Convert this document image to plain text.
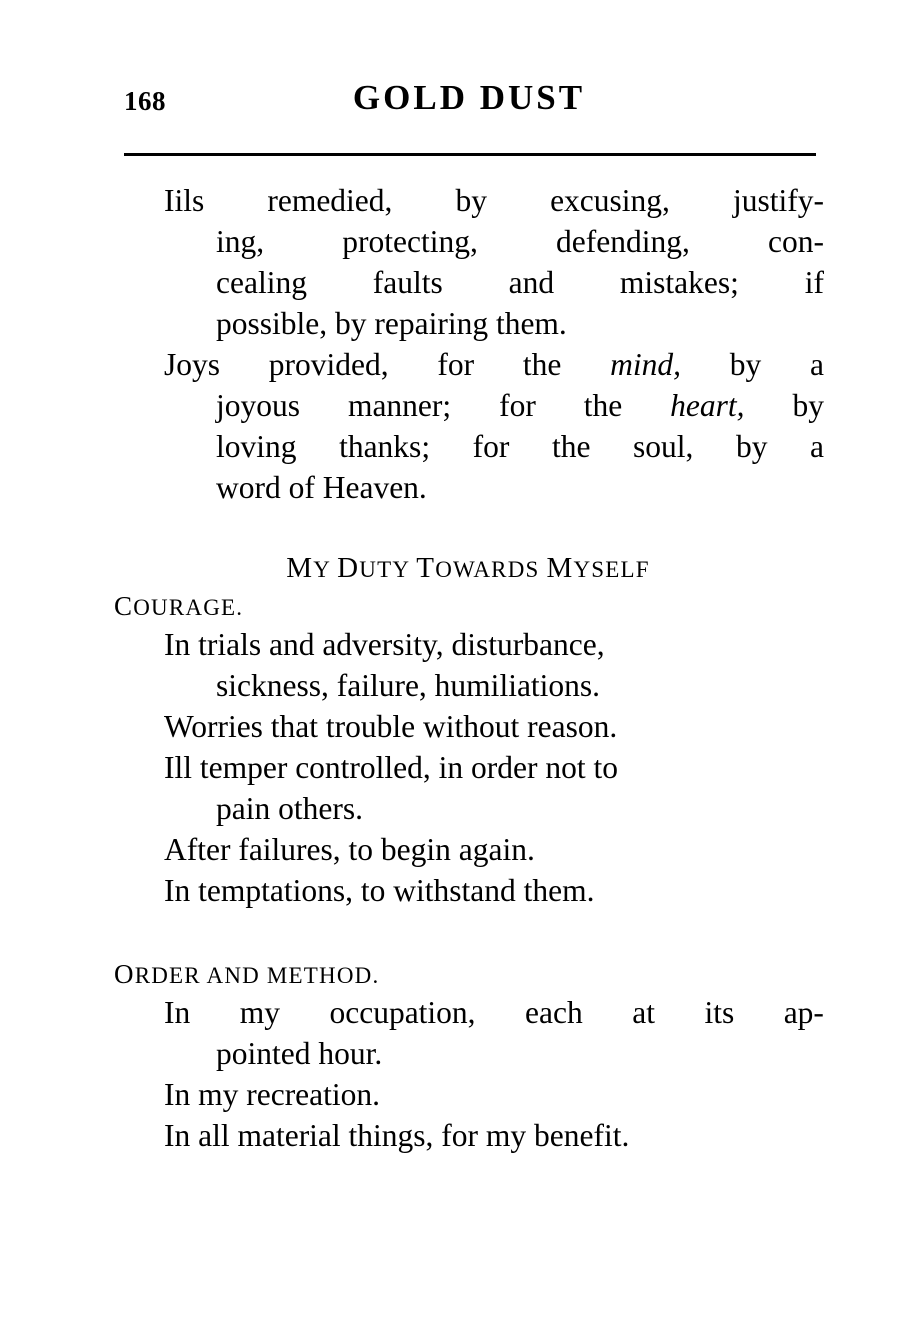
168	GOLD DUST
Iils remedied, by excusing, justify-
ing, protecting, defending, con-
cealing faults and mistakes; if
possible, by repairing them.
Joys provided, for the mind, by a
joyous manner; for the heart, by
loving thanks; for the soul, by a
word of Heaven.
MY DUTY TOWARDS MYSELF
COURAGE.
In trials and adversity, disturbance,
sickness, failure, humiliations.
Worries that trouble without reason.
Ill temper controlled, in order not to
pain others.
After failures, to begin again.
In temptations, to withstand them.
ORDER AND METHOD.
In my occupation, each at its ap-
pointed hour.
In my recreation.
In all material things, for my benefit.
